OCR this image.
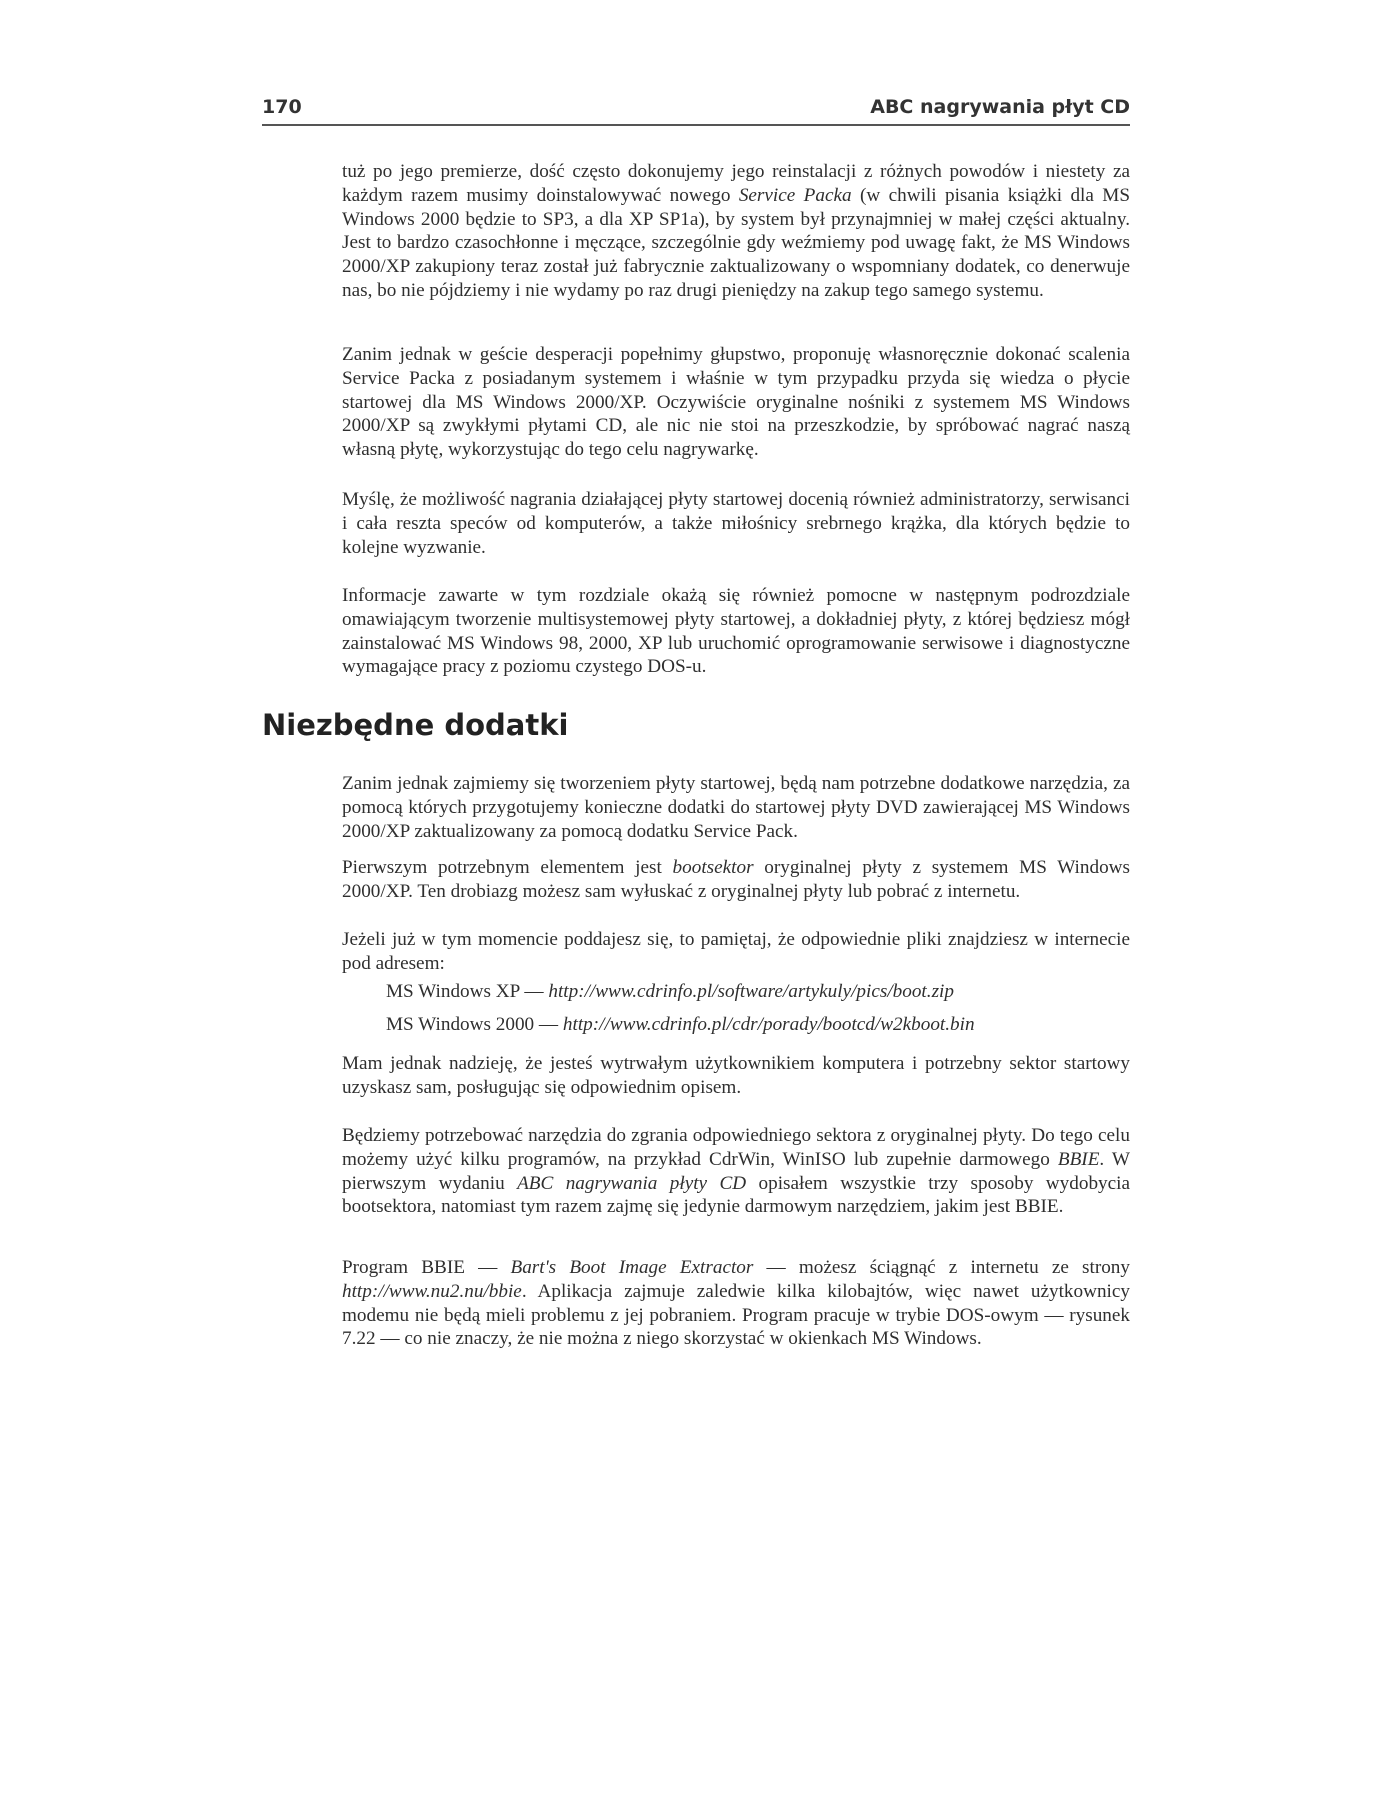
170	ABC nagrywania płyt CD

tuż po jego premierze, dość często dokonujemy jego reinstalacji z różnych powodów i niestety za każdym razem musimy doinstalowywać nowego Service Packa (w chwili pisania książki dla MS Windows 2000 będzie to SP3, a dla XP SP1a), by system był przynajmniej w małej części aktualny. Jest to bardzo czasochłonne i męczące, szczególnie gdy weźmiemy pod uwagę fakt, że MS Windows 2000/XP zakupiony teraz został już fabrycznie zaktualizowany o wspomniany dodatek, co denerwuje nas, bo nie pójdziemy i nie wydamy po raz drugi pieniędzy na zakup tego samego systemu.

Zanim jednak w geście desperacji popełnimy głupstwo, proponuję własnoręcznie dokonać scalenia Service Packa z posiadanym systemem i właśnie w tym przypadku przyda się wiedza o płycie startowej dla MS Windows 2000/XP. Oczywiście oryginalne nośniki z systemem MS Windows 2000/XP są zwykłymi płytami CD, ale nic nie stoi na przeszkodzie, by spróbować nagrać naszą własną płytę, wykorzystując do tego celu nagrywarkę.

Myślę, że możliwość nagrania działającej płyty startowej docenią również administratorzy, serwisanci i cała reszta speców od komputerów, a także miłośnicy srebrnego krążka, dla których będzie to kolejne wyzwanie.

Informacje zawarte w tym rozdziale okażą się również pomocne w następnym podrozdziale omawiającym tworzenie multisystemowej płyty startowej, a dokładniej płyty, z której będziesz mógł zainstalować MS Windows 98, 2000, XP lub uruchomić oprogramowanie serwisowe i diagnostyczne wymagające pracy z poziomu czystego DOS-u.

Niezbędne dodatki

Zanim jednak zajmiemy się tworzeniem płyty startowej, będą nam potrzebne dodatkowe narzędzia, za pomocą których przygotujemy konieczne dodatki do startowej płyty DVD zawierającej MS Windows 2000/XP zaktualizowany za pomocą dodatku Service Pack.

Pierwszym potrzebnym elementem jest bootsektor oryginalnej płyty z systemem MS Windows 2000/XP. Ten drobiazg możesz sam wyłuskać z oryginalnej płyty lub pobrać z internetu.

Jeżeli już w tym momencie poddajesz się, to pamiętaj, że odpowiednie pliki znajdziesz w internecie pod adresem:

MS Windows XP — http://www.cdrinfo.pl/software/artykuly/pics/boot.zip
MS Windows 2000 — http://www.cdrinfo.pl/cdr/porady/bootcd/w2kboot.bin

Mam jednak nadzieję, że jesteś wytrwałym użytkownikiem komputera i potrzebny sektor startowy uzyskasz sam, posługując się odpowiednim opisem.

Będziemy potrzebować narzędzia do zgrania odpowiedniego sektora z oryginalnej płyty. Do tego celu możemy użyć kilku programów, na przykład CdrWin, WinISO lub zupełnie darmowego BBIE. W pierwszym wydaniu ABC nagrywania płyty CD opisałem wszystkie trzy sposoby wydobycia bootsektora, natomiast tym razem zajmę się jedynie darmowym narzędziem, jakim jest BBIE.

Program BBIE — Bart's Boot Image Extractor — możesz ściągnąć z internetu ze strony http://www.nu2.nu/bbie. Aplikacja zajmuje zaledwie kilka kilobajtów, więc nawet użytkownicy modemu nie będą mieli problemu z jej pobraniem. Program pracuje w trybie DOS-owym — rysunek 7.22 — co nie znaczy, że nie można z niego skorzystać w okienkach MS Windows.
